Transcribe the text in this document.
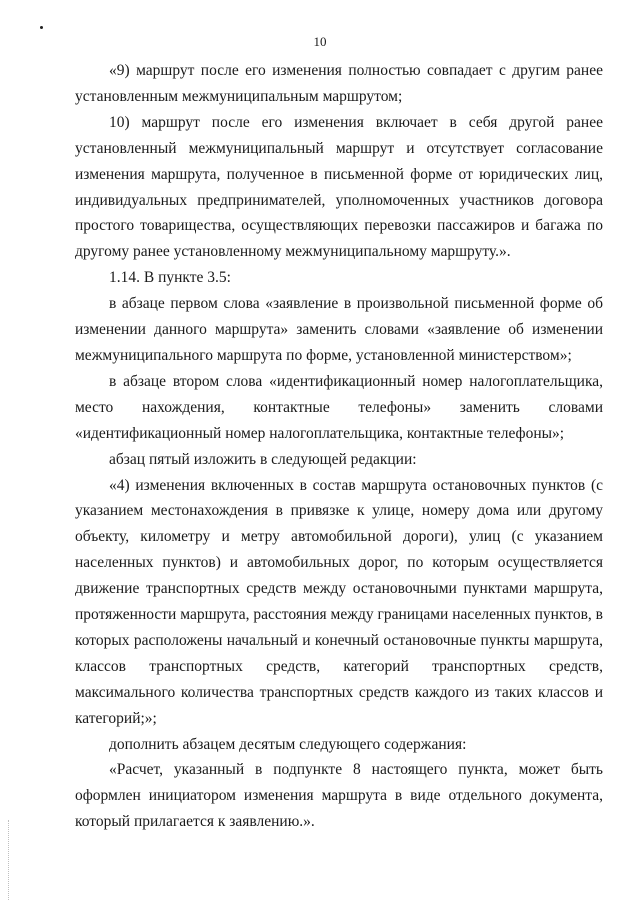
10

«9) маршрут после его изменения полностью совпадает с другим ранее установленным межмуниципальным маршрутом;

10) маршрут после его изменения включает в себя другой ранее установленный межмуниципальный маршрут и отсутствует согласование изменения маршрута, полученное в письменной форме от юридических лиц, индивидуальных предпринимателей, уполномоченных участников договора простого товарищества, осуществляющих перевозки пассажиров и багажа по другому ранее установленному межмуниципальному маршруту.».

1.14. В пункте 3.5:

в абзаце первом слова «заявление в произвольной письменной форме об изменении данного маршрута» заменить словами «заявление об изменении межмуниципального маршрута по форме, установленной министерством»;

в абзаце втором слова «идентификационный номер налогоплательщика, место нахождения, контактные телефоны» заменить словами «идентификационный номер налогоплательщика, контактные телефоны»;

абзац пятый изложить в следующей редакции:

«4) изменения включенных в состав маршрута остановочных пунктов (с указанием местонахождения в привязке к улице, номеру дома или другому объекту, километру и метру автомобильной дороги), улиц (с указанием населенных пунктов) и автомобильных дорог, по которым осуществляется движение транспортных средств между остановочными пунктами маршрута, протяженности маршрута, расстояния между границами населенных пунктов, в которых расположены начальный и конечный остановочные пункты маршрута, классов транспортных средств, категорий транспортных средств, максимального количества транспортных средств каждого из таких классов и категорий;»;

дополнить абзацем десятым следующего содержания:

«Расчет, указанный в подпункте 8 настоящего пункта, может быть оформлен инициатором изменения маршрута в виде отдельного документа, который прилагается к заявлению.».
